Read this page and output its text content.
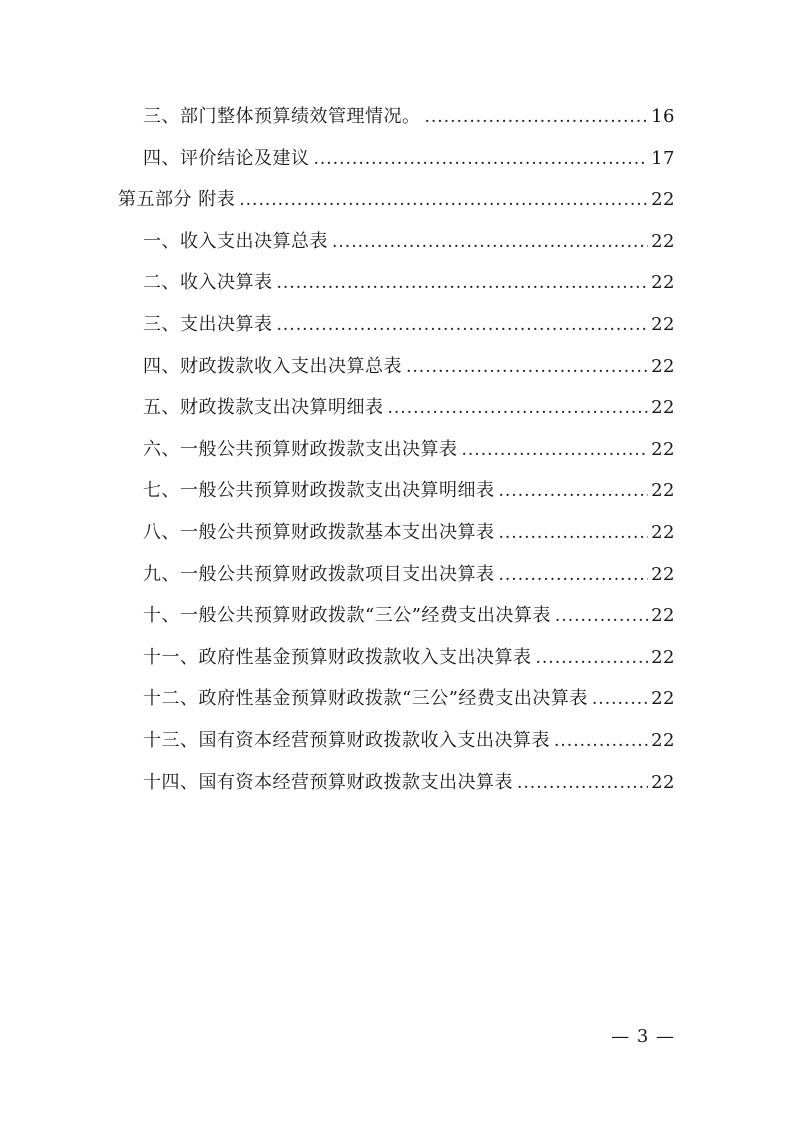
三、部门整体预算绩效管理情况。 .....	16
四、评价结论及建议 .....	17
第五部分 附表 .....	22
一、收入支出决算总表 .....	22
二、收入决算表 .....	22
三、支出决算表 .....	22
四、财政拨款收入支出决算总表 .....	22
五、财政拨款支出决算明细表 .....	22
六、一般公共预算财政拨款支出决算表 .....	22
七、一般公共预算财政拨款支出决算明细表 .....	22
八、一般公共预算财政拨款基本支出决算表 .....	22
九、一般公共预算财政拨款项目支出决算表 .....	22
十、一般公共预算财政拨款“三公”经费支出决算表 .....	22
十一、政府性基金预算财政拨款收入支出决算表 .....	22
十二、政府性基金预算财政拨款“三公”经费支出决算表 .....	22
十三、国有资本经营预算财政拨款收入支出决算表 .....	22
十四、国有资本经营预算财政拨款支出决算表 .....	22
— 3 —
